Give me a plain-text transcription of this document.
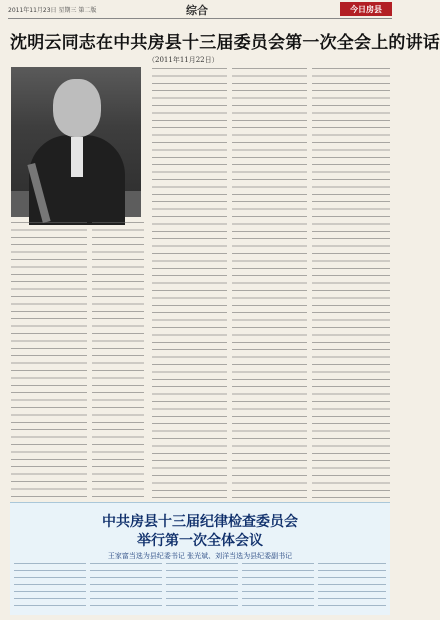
2011年11月23日 星期三 第二版	综合	今日房县
沈明云同志在中共房县十三届委员会第一次全会上的讲话
（2011年11月22日）
中共房县十三届纪律检查委员会
举行第一次全体会议
王家富当选为县纪委书记 张光斌、刘洋当选为县纪委副书记
